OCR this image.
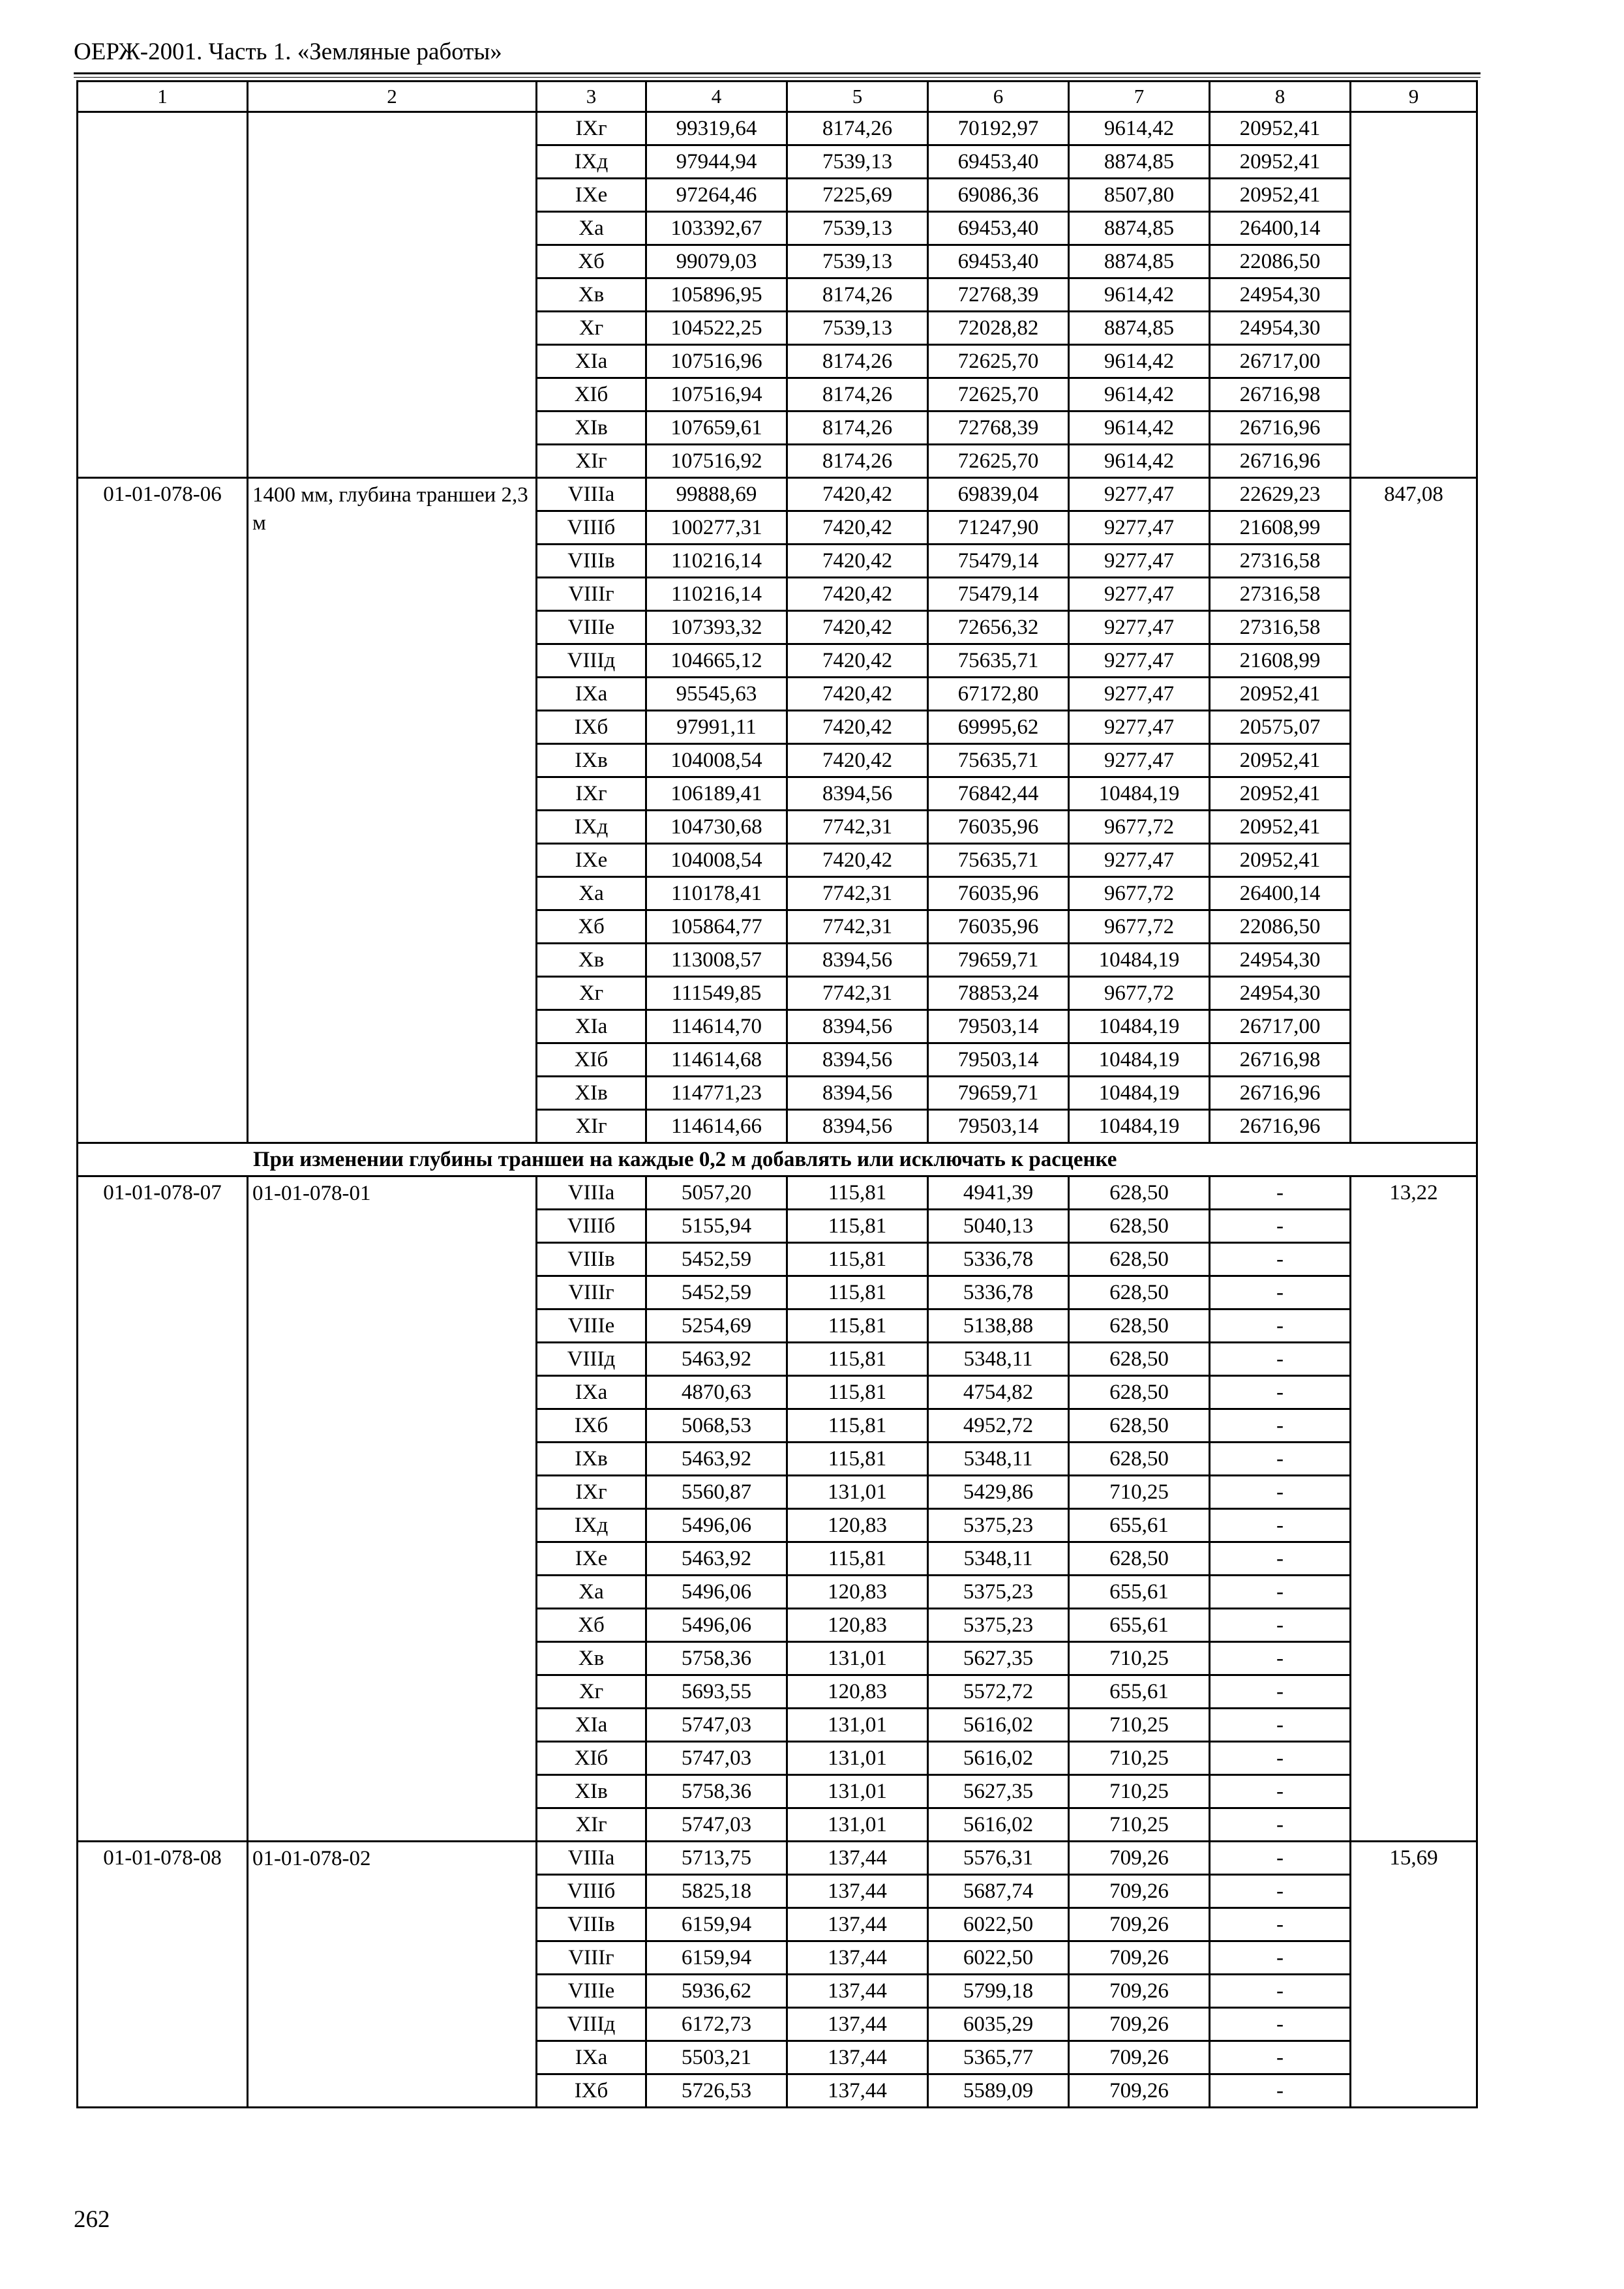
ОЕРЖ-2001. Часть 1. «Земляные работы»
1	2	3	4	5	6	7	8	9
		IXг	99319,64	8174,26	70192,97	9614,42	20952,41	
		IXд	97944,94	7539,13	69453,40	8874,85	20952,41	
		IXе	97264,46	7225,69	69086,36	8507,80	20952,41	
		Xа	103392,67	7539,13	69453,40	8874,85	26400,14	
		Xб	99079,03	7539,13	69453,40	8874,85	22086,50	
		Xв	105896,95	8174,26	72768,39	9614,42	24954,30	
		Xг	104522,25	7539,13	72028,82	8874,85	24954,30	
		XIа	107516,96	8174,26	72625,70	9614,42	26717,00	
		XIб	107516,94	8174,26	72625,70	9614,42	26716,98	
		XIв	107659,61	8174,26	72768,39	9614,42	26716,96	
		XIг	107516,92	8174,26	72625,70	9614,42	26716,96	
01-01-078-06	1400 мм, глубина траншеи 2,3 м	VIIIа	99888,69	7420,42	69839,04	9277,47	22629,23	847,08
		VIIIб	100277,31	7420,42	71247,90	9277,47	21608,99	
		VIIIв	110216,14	7420,42	75479,14	9277,47	27316,58	
		VIIIг	110216,14	7420,42	75479,14	9277,47	27316,58	
		VIIIе	107393,32	7420,42	72656,32	9277,47	27316,58	
		VIIIд	104665,12	7420,42	75635,71	9277,47	21608,99	
		IXа	95545,63	7420,42	67172,80	9277,47	20952,41	
		IXб	97991,11	7420,42	69995,62	9277,47	20575,07	
		IXв	104008,54	7420,42	75635,71	9277,47	20952,41	
		IXг	106189,41	8394,56	76842,44	10484,19	20952,41	
		IXд	104730,68	7742,31	76035,96	9677,72	20952,41	
		IXе	104008,54	7420,42	75635,71	9277,47	20952,41	
		Xа	110178,41	7742,31	76035,96	9677,72	26400,14	
		Xб	105864,77	7742,31	76035,96	9677,72	22086,50	
		Xв	113008,57	8394,56	79659,71	10484,19	24954,30	
		Xг	111549,85	7742,31	78853,24	9677,72	24954,30	
		XIа	114614,70	8394,56	79503,14	10484,19	26717,00	
		XIб	114614,68	8394,56	79503,14	10484,19	26716,98	
		XIв	114771,23	8394,56	79659,71	10484,19	26716,96	
		XIг	114614,66	8394,56	79503,14	10484,19	26716,96	
При изменении глубины траншеи на каждые 0,2 м добавлять или исключать к расценке								
01-01-078-07	01-01-078-01	VIIIа	5057,20	115,81	4941,39	628,50	-	13,22
		VIIIб	5155,94	115,81	5040,13	628,50	-	
		VIIIв	5452,59	115,81	5336,78	628,50	-	
		VIIIг	5452,59	115,81	5336,78	628,50	-	
		VIIIе	5254,69	115,81	5138,88	628,50	-	
		VIIIд	5463,92	115,81	5348,11	628,50	-	
		IXа	4870,63	115,81	4754,82	628,50	-	
		IXб	5068,53	115,81	4952,72	628,50	-	
		IXв	5463,92	115,81	5348,11	628,50	-	
		IXг	5560,87	131,01	5429,86	710,25	-	
		IXд	5496,06	120,83	5375,23	655,61	-	
		IXе	5463,92	115,81	5348,11	628,50	-	
		Xа	5496,06	120,83	5375,23	655,61	-	
		Xб	5496,06	120,83	5375,23	655,61	-	
		Xв	5758,36	131,01	5627,35	710,25	-	
		Xг	5693,55	120,83	5572,72	655,61	-	
		XIа	5747,03	131,01	5616,02	710,25	-	
		XIб	5747,03	131,01	5616,02	710,25	-	
		XIв	5758,36	131,01	5627,35	710,25	-	
		XIг	5747,03	131,01	5616,02	710,25	-	
01-01-078-08	01-01-078-02	VIIIа	5713,75	137,44	5576,31	709,26	-	15,69
		VIIIб	5825,18	137,44	5687,74	709,26	-	
		VIIIв	6159,94	137,44	6022,50	709,26	-	
		VIIIг	6159,94	137,44	6022,50	709,26	-	
		VIIIе	5936,62	137,44	5799,18	709,26	-	
		VIIIд	6172,73	137,44	6035,29	709,26	-	
		IXа	5503,21	137,44	5365,77	709,26	-	
		IXб	5726,53	137,44	5589,09	709,26	-	
262
